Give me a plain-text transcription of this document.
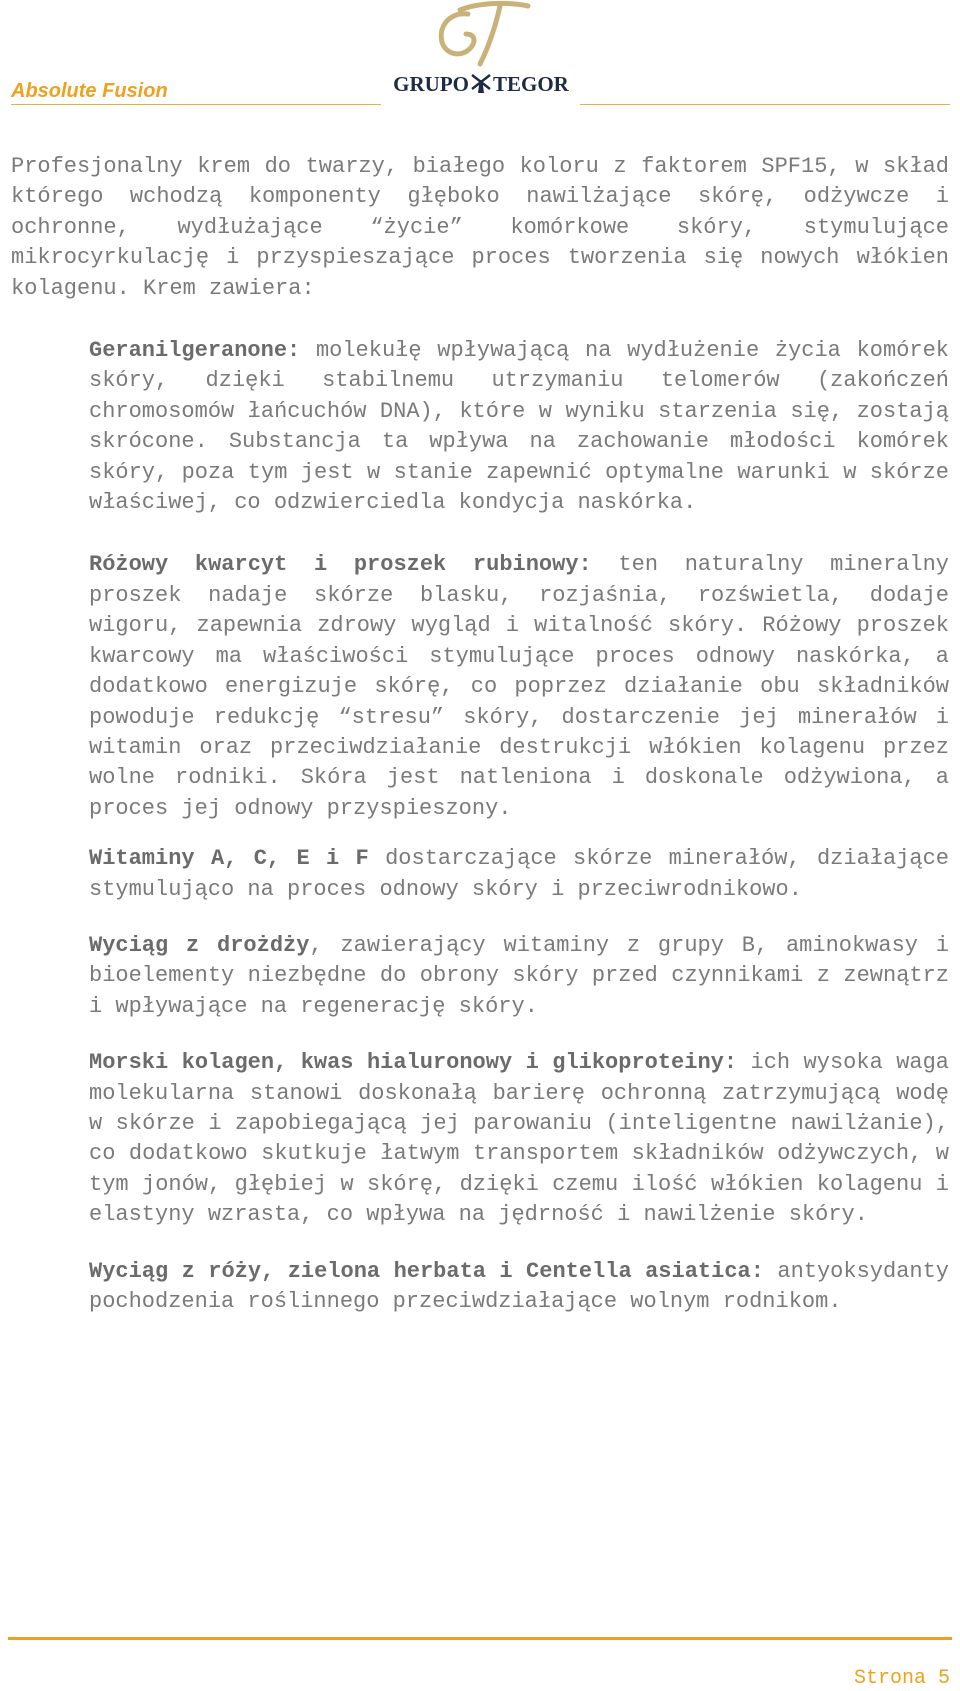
Absolute Fusion	GRUPO TEGOR

Profesjonalny krem do twarzy, białego koloru z faktorem SPF15, w skład którego wchodzą komponenty głęboko nawilżające skórę, odżywcze i ochronne, wydłużające “życie” komórkowe skóry, stymulujące mikrocyrkulację i przyspieszające proces tworzenia się nowych włókien kolagenu. Krem zawiera:

Geranilgeranone: molekułę wpływającą na wydłużenie życia komórek skóry, dzięki stabilnemu utrzymaniu telomerów (zakończeń chromosomów łańcuchów DNA), które w wyniku starzenia się, zostają skrócone. Substancja ta wpływa na zachowanie młodości komórek skóry, poza tym jest w stanie zapewnić optymalne warunki w skórze właściwej, co odzwierciedla kondycja naskórka.

Różowy kwarcyt i proszek rubinowy: ten naturalny mineralny proszek nadaje skórze blasku, rozjaśnia, rozświetla, dodaje wigoru, zapewnia zdrowy wygląd i witalność skóry. Różowy proszek kwarcowy ma właściwości stymulujące proces odnowy naskórka, a dodatkowo energizuje skórę, co poprzez działanie obu składników powoduje redukcję “stresu” skóry, dostarczenie jej minerałów i witamin oraz przeciwdziałanie destrukcji włókien kolagenu przez wolne rodniki. Skóra jest natleniona i doskonale odżywiona, a proces jej odnowy przyspieszony.

Witaminy A, C, E i F dostarczające skórze minerałów, działające stymulująco na proces odnowy skóry i przeciwrodnikowo.

Wyciąg z drożdży, zawierający witaminy z grupy B, aminokwasy i bioelementy niezbędne do obrony skóry przed czynnikami z zewnątrz i wpływające na regenerację skóry.

Morski kolagen, kwas hialuronowy i glikoproteiny: ich wysoka waga molekularna stanowi doskonałą barierę ochronną zatrzymującą wodę w skórze i zapobiegającą jej parowaniu (inteligentne nawilżanie), co dodatkowo skutkuje łatwym transportem składników odżywczych, w tym jonów, głębiej w skórę, dzięki czemu ilość włókien kolagenu i elastyny wzrasta, co wpływa na jędrność i nawilżenie skóry.

Wyciąg z róży, zielona herbata i Centella asiatica: antyoksydanty pochodzenia roślinnego przeciwdziałające wolnym rodnikom.

Strona 5
